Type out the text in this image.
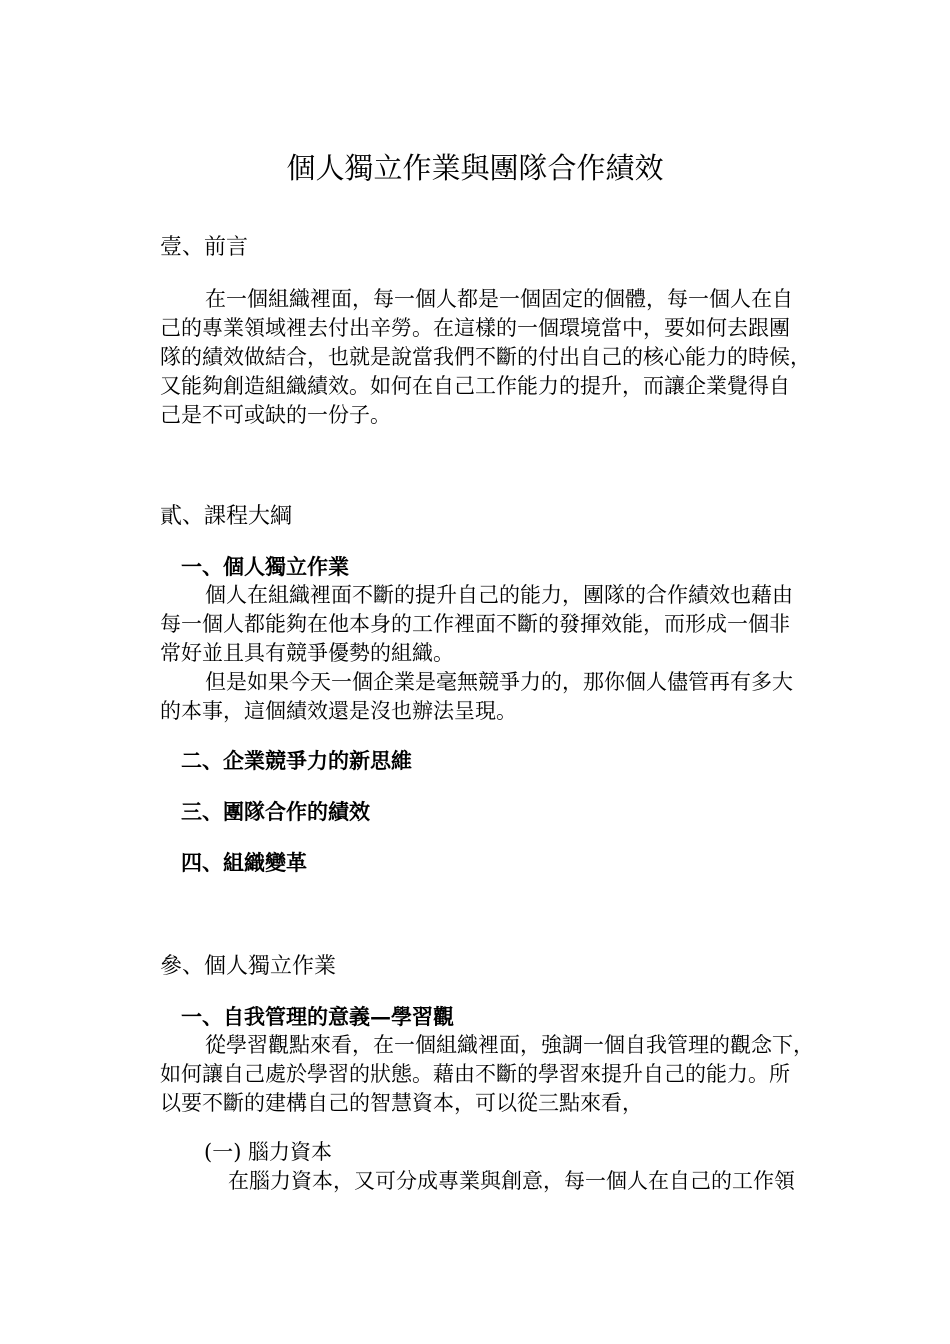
個人獨立作業與團隊合作績效
壹、前言
在一個組織裡面，每一個人都是一個固定的個體，每一個人在自
己的專業領域裡去付出辛勞。在這樣的一個環境當中，要如何去跟團
隊的績效做結合，也就是說當我們不斷的付出自己的核心能力的時候，
又能夠創造組織績效。如何在自己工作能力的提升，而讓企業覺得自
己是不可或缺的一份子。
貳、課程大綱
一、個人獨立作業
個人在組織裡面不斷的提升自己的能力，團隊的合作績效也藉由
每一個人都能夠在他本身的工作裡面不斷的發揮效能，而形成一個非
常好並且具有競爭優勢的組織。
但是如果今天一個企業是毫無競爭力的，那你個人儘管再有多大
的本事，這個績效還是沒也辦法呈現。
二、企業競爭力的新思維
三、團隊合作的績效
四、組織變革
參、個人獨立作業
一、自我管理的意義—學習觀
從學習觀點來看，在一個組織裡面，強調一個自我管理的觀念下，
如何讓自己處於學習的狀態。藉由不斷的學習來提升自己的能力。所
以要不斷的建構自己的智慧資本，可以從三點來看，
(一) 腦力資本
在腦力資本，又可分成專業與創意，每一個人在自己的工作領
